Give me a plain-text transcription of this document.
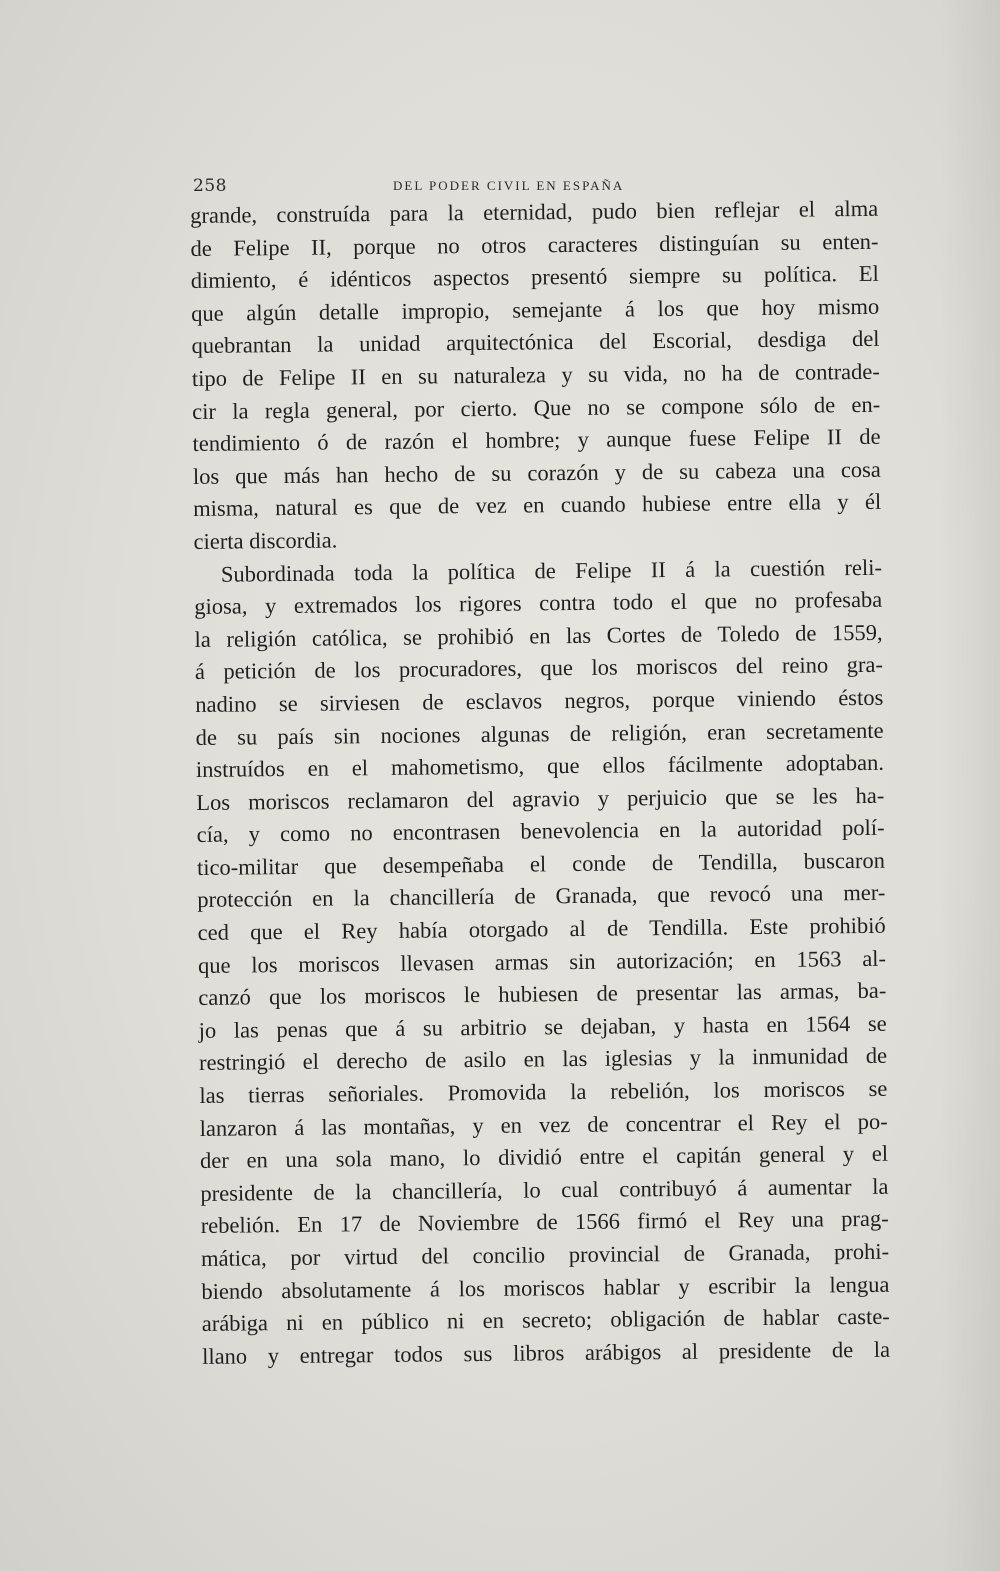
258	DEL PODER CIVIL EN ESPAÑA

grande, construída para la eternidad, pudo bien reflejar el alma
de Felipe II, porque no otros caracteres distinguían su enten-
dimiento, é idénticos aspectos presentó siempre su política. El
que algún detalle impropio, semejante á los que hoy mismo
quebrantan la unidad arquitectónica del Escorial, desdiga del
tipo de Felipe II en su naturaleza y su vida, no ha de contrade-
cir la regla general, por cierto. Que no se compone sólo de en-
tendimiento ó de razón el hombre; y aunque fuese Felipe II de
los que más han hecho de su corazón y de su cabeza una cosa
misma, natural es que de vez en cuando hubiese entre ella y él
cierta discordia.

Subordinada toda la política de Felipe II á la cuestión reli-
giosa, y extremados los rigores contra todo el que no profesaba
la religión católica, se prohibió en las Cortes de Toledo de 1559,
á petición de los procuradores, que los moriscos del reino gra-
nadino se sirviesen de esclavos negros, porque viniendo éstos
de su país sin nociones algunas de religión, eran secretamente
instruídos en el mahometismo, que ellos fácilmente adoptaban.
Los moriscos reclamaron del agravio y perjuicio que se les ha-
cía, y como no encontrasen benevolencia en la autoridad polí-
tico-militar que desempeñaba el conde de Tendilla, buscaron
protección en la chancillería de Granada, que revocó una mer-
ced que el Rey había otorgado al de Tendilla. Este prohibió
que los moriscos llevasen armas sin autorización; en 1563 al-
canzó que los moriscos le hubiesen de presentar las armas, ba-
jo las penas que á su arbitrio se dejaban, y hasta en 1564 se
restringió el derecho de asilo en las iglesias y la inmunidad de
las tierras señoriales. Promovida la rebelión, los moriscos se
lanzaron á las montañas, y en vez de concentrar el Rey el po-
der en una sola mano, lo dividió entre el capitán general y el
presidente de la chancillería, lo cual contribuyó á aumentar la
rebelión. En 17 de Noviembre de 1566 firmó el Rey una prag-
mática, por virtud del concilio provincial de Granada, prohi-
biendo absolutamente á los moriscos hablar y escribir la lengua
arábiga ni en público ni en secreto; obligación de hablar caste-
llano y entregar todos sus libros arábigos al presidente de la
